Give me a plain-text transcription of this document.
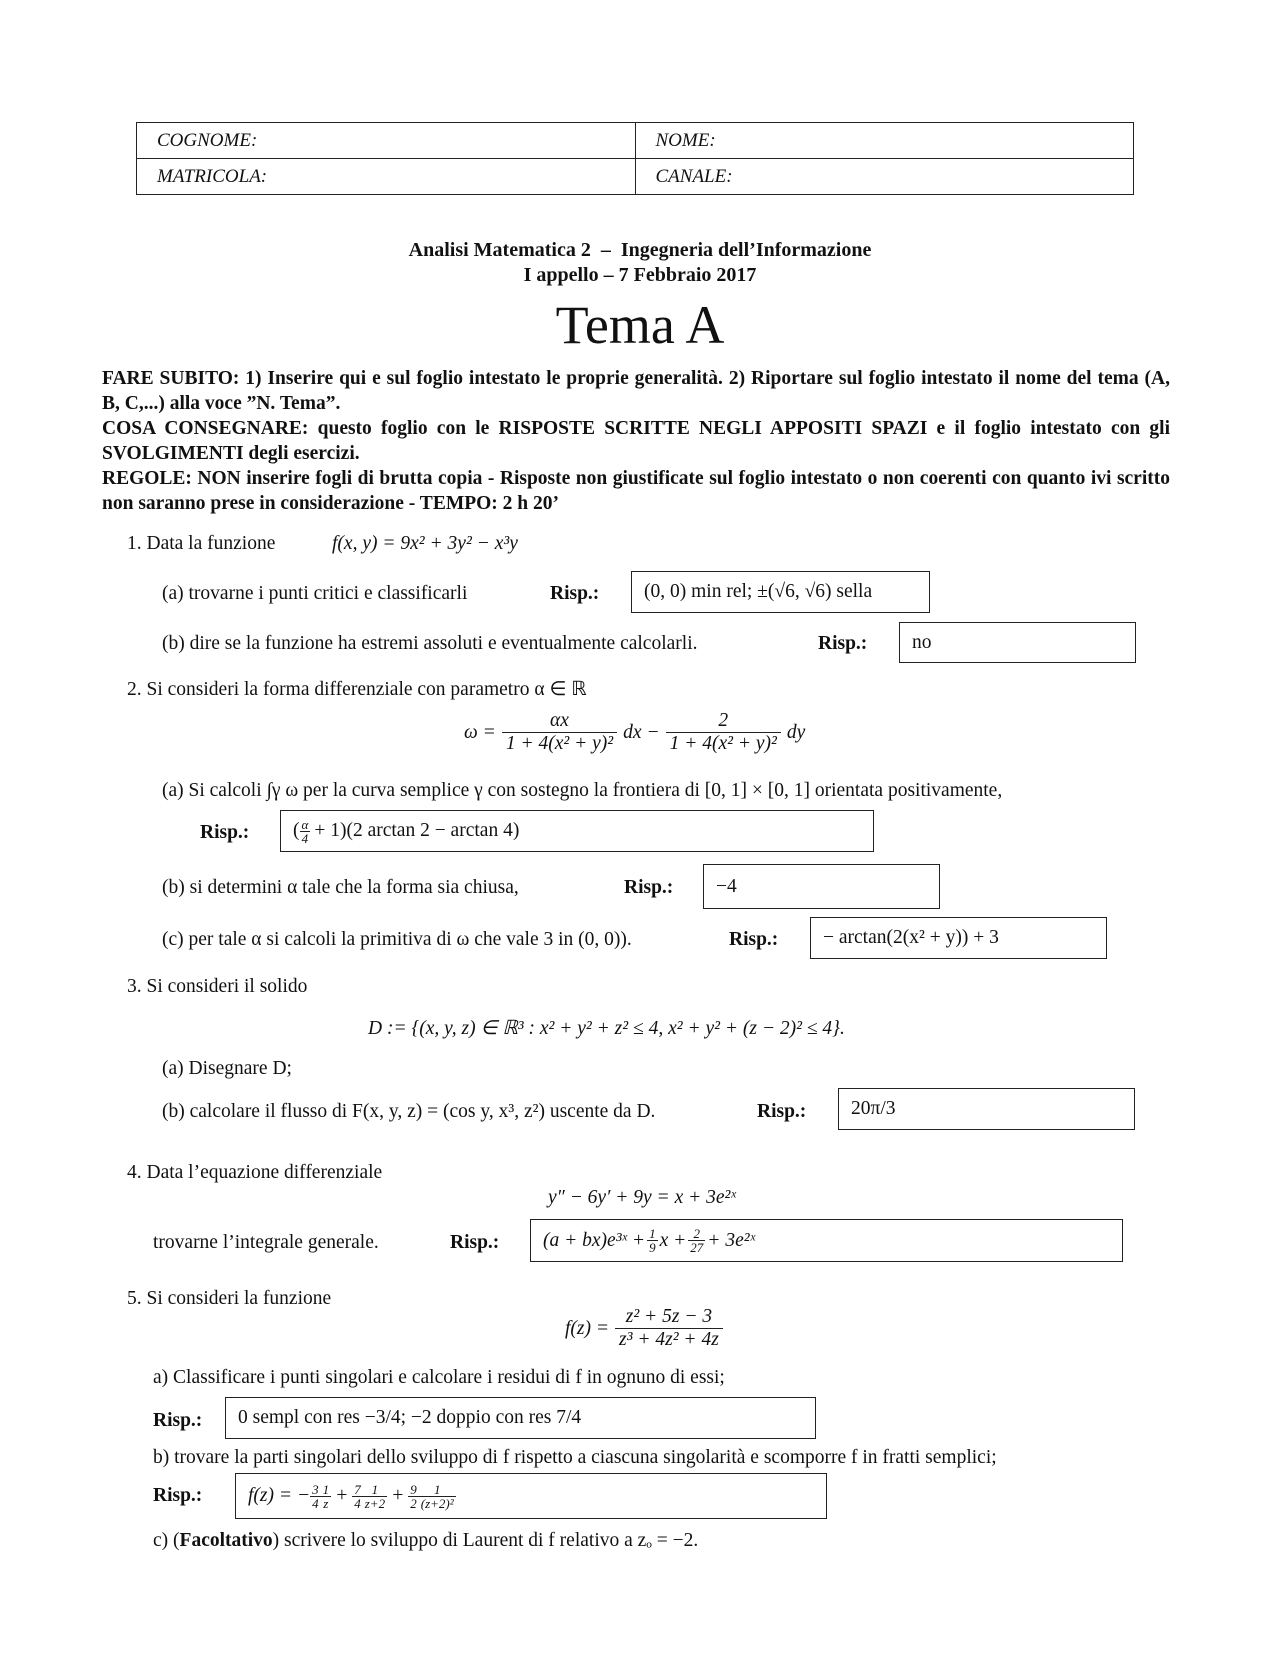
COGNOME:	NOME:
MATRICOLA:	CANALE:
Analisi Matematica 2  –  Ingegneria dell’Informazione
I appello – 7 Febbraio 2017
Tema A

FARE SUBITO: 1) Inserire qui e sul foglio intestato le proprie generalità. 2) Riportare sul foglio intestato il nome del tema (A, B, C,...) alla voce ”N. Tema”.

COSA CONSEGNARE: questo foglio con le RISPOSTE SCRITTE NEGLI APPOSITI SPAZI e il foglio intestato con gli SVOLGIMENTI degli esercizi.

REGOLE: NON inserire fogli di brutta copia - Risposte non giustificate sul foglio intestato o non coerenti con quanto ivi scritto non saranno prese in considerazione - TEMPO: 2 h 20’

1. Data la funzione	f(x, y) = 9x² + 3y² − x³y
(a) trovarne i punti critici e classificarli	Risp.: (0, 0) min rel; ±(√6, √6) sella
(b) dire se la funzione ha estremi assoluti e eventualmente calcolarli.	Risp.: no
2. Si consideri la forma differenziale con parametro α ∈ ℝ
$\omega = \frac{\alpha x}{\text{1 + 4(x² + y)²}}$ dx − $\frac{2}{\text{1 + 4(x² + y)²}}$ dy
(a) Si calcoli ∫γ ω per la curva semplice γ con sostegno la frontiera di [0, 1] × [0, 1] orientata positivamente,
Risp.: ( $\frac{\alpha}{4} + 1)(2$ arctan 2 − arctan 4)
(b) si determini α tale che la forma sia chiusa,	Risp.: −4
(c) per tale α si calcoli la primitiva di ω che vale 3 in (0, 0)).	Risp.: − arctan(2(x² + y)) + 3
3. Si consideri il solido
D := {(x, y, z) ∈ ℝ³ : x² + y² + z² ≤ 4, x² + y² + (z − 2)² ≤ 4}.
(a) Disegnare D;
(b) calcolare il flusso di F(x, y, z) = (cos y, x³, z²) uscente da D.	Risp.: 20π/3
4. Data l’equazione differenziale
y″ − 6y′ + 9y = x + 3e²ˣ
trovarne l’integrale generale.	Risp.: (a + bx)e³ˣ + $\frac{1}{9}$ $x + \frac{2}{27}$ + 3e²ˣ
5. Si consideri la funzione
$f(z) = \frac{\text{z² + 5z − 3}}{\text{z³ + 4z² + 4z}}$
a) Classificare i punti singolari e calcolare i residui di f in ognuno di essi;
Risp.: 0 sempl con res −3/4; −2 doppio con res 7/4
b) trovare la parti singolari dello sviluppo di f rispetto a ciascuna singolarità e scomporre f in fratti semplici;
Risp.: f(z) = − $\frac{3}{4} \frac{1}{z} + \frac{7}{4} \frac{1}{z+2} + \frac{9}{2} \frac{1}{\text{(z+2)²}}$
c) (Facoltativo) scrivere lo sviluppo di Laurent di f relativo a zₒ = −2.
